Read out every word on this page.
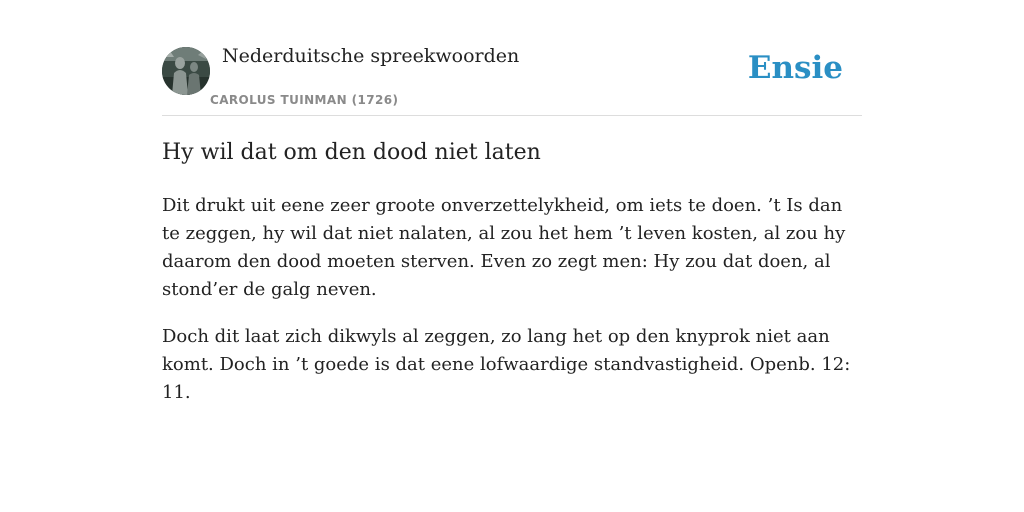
Nederduitsche spreekwoorden
CAROLUS TUINMAN (1726)
Ensie
Hy wil dat om den dood niet laten

Dit drukt uit eene zeer groote onverzettelykheid, om iets te doen. ’t Is dan te zeggen, hy wil dat niet nalaten, al zou het hem ’t leven kosten, al zou hy daarom den dood moeten sterven. Even zo zegt men: Hy zou dat doen, al stond’er de galg neven.

Doch dit laat zich dikwyls al zeggen, zo lang het op den knyprok niet aan komt. Doch in ’t goede is dat eene lofwaardige standvastigheid. Openb. 12: 11.
